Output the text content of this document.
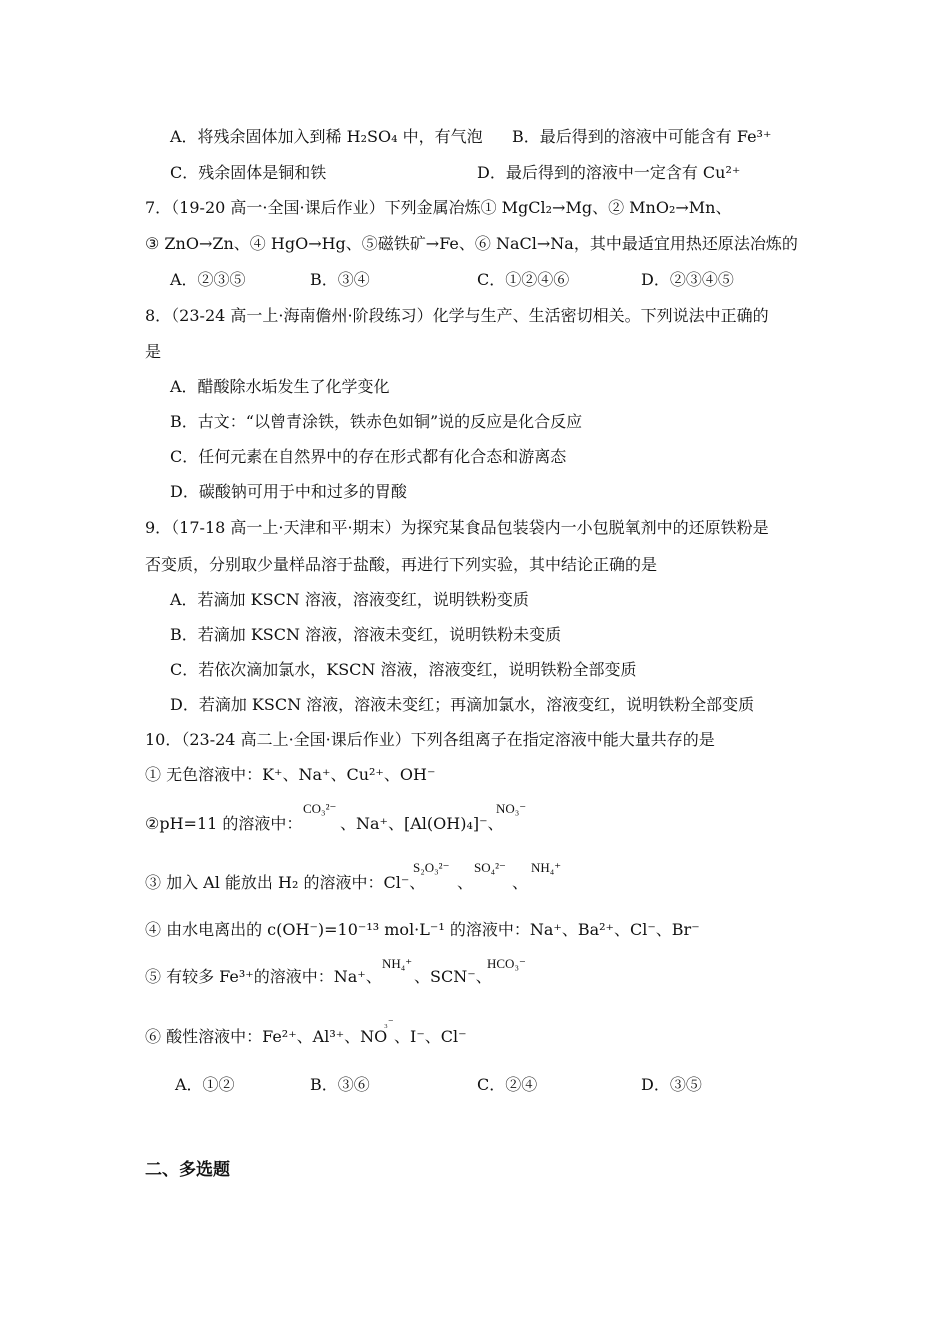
A．将残余固体加入到稀 H₂SO₄ 中，有气泡 B．最后得到的溶液中可能含有 Fe³⁺
C．残余固体是铜和铁	D．最后得到的溶液中一定含有 Cu²⁺
7．（19-20 高一·全国·课后作业）下列金属冶炼① MgCl₂→Mg、② MnO₂→Mn、
③ ZnO→Zn、④ HgO→Hg、⑤磁铁矿→Fe、⑥ NaCl→Na，其中最适宜用热还原法冶炼的
A．②③⑤	B．③④	C．①②④⑥	D．②③④⑤
8．（23-24 高一上·海南儋州·阶段练习）化学与生产、生活密切相关。下列说法中正确的
是
A．醋酸除水垢发生了化学变化
B．古文：“以曾青涂铁，铁赤色如铜”说的反应是化合反应
C．任何元素在自然界中的存在形式都有化合态和游离态
D．碳酸钠可用于中和过多的胃酸
9．（17-18 高一上·天津和平·期末）为探究某食品包装袋内一小包脱氧剂中的还原铁粉是
否变质，分别取少量样品溶于盐酸，再进行下列实验，其中结论正确的是
A．若滴加 KSCN 溶液，溶液变红，说明铁粉变质
B．若滴加 KSCN 溶液，溶液未变红，说明铁粉未变质
C．若依次滴加氯水，KSCN 溶液，溶液变红，说明铁粉全部变质
D．若滴加 KSCN 溶液，溶液未变红；再滴加氯水，溶液变红，说明铁粉全部变质
10．（23-24 高二上·全国·课后作业）下列各组离子在指定溶液中能大量共存的是
① 无色溶液中：K⁺、Na⁺、Cu²⁺、OH⁻
②pH=11 的溶液中：
CO₃²⁻
、Na⁺、[Al(OH)₄]⁻、
NO₃⁻
③ 加入 Al 能放出 H₂ 的溶液中：Cl⁻、
S₂O₃²⁻
、
SO₄²⁻
、
NH₄⁺
④ 由水电离出的 c(OH⁻)=10⁻¹³ mol·L⁻¹ 的溶液中：Na⁺、Ba²⁺、Cl⁻、Br⁻
⑤ 有较多 Fe³⁺的溶液中：Na⁺、
NH₄⁺
、SCN⁻、
HCO₃⁻
⑥ 酸性溶液中：Fe²⁺、Al³⁺、NO
₃⁻
、I⁻、Cl⁻
A．①②	B．③⑥	C．②④	D．③⑤
二、多选题
